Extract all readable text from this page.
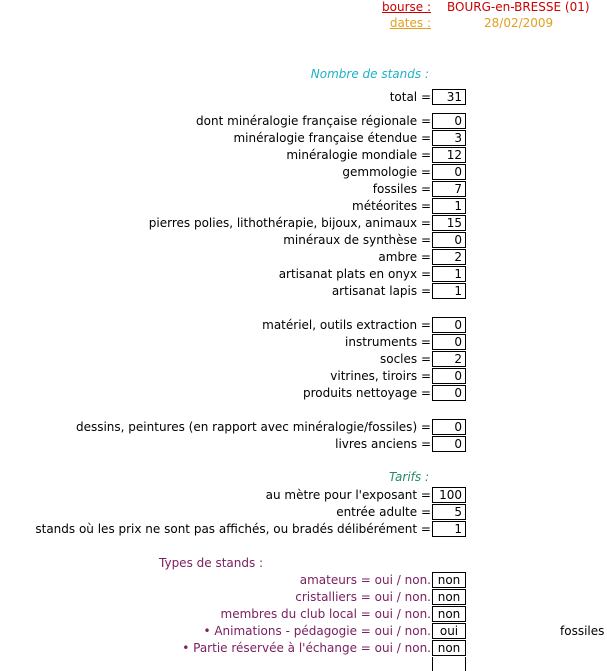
bourse : BOURG-en-BRESSE (01)
dates :	28/02/2009
Nombre de stands :
total =	31
dont minéralogie française régionale =	0
minéralogie française étendue =	3
minéralogie mondiale =	12
gemmologie =	0
fossiles =	7
météorites =	1
pierres polies, lithothérapie, bijoux, animaux =	15
minéraux de synthèse =	0
ambre =	2
artisanat plats en onyx =	1
artisanat lapis =	1
matériel, outils extraction =	0
instruments =	0
socles =	2
vitrines, tiroirs =	0
produits nettoyage =	0
dessins, peintures (en rapport avec minéralogie/fossiles) =	0
livres anciens =	0
Tarifs :
au mètre pour l'exposant = 100
entrée adulte =	5
stands où les prix ne sont pas affichés, ou bradés délibérément =	1
Types de stands :
amateurs = oui / non. non
cristalliers = oui / non. non
membres du club local = oui / non. non
• Animations - pédagogie = oui / non. oui	fossiles
• Partie réservée à l'échange = oui / non. non
